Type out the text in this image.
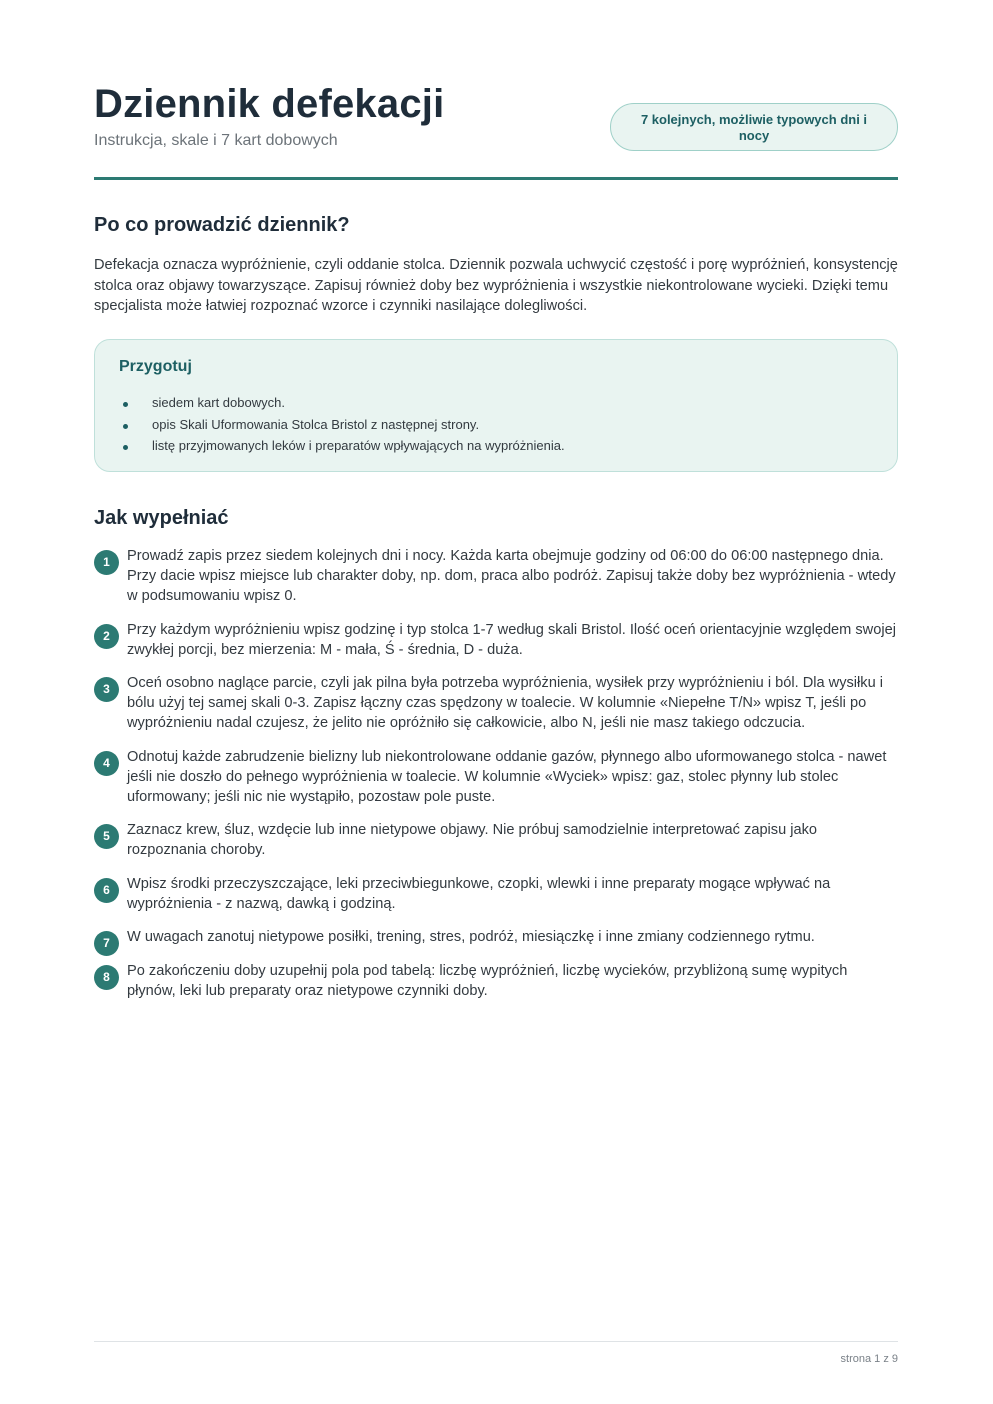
Dziennik defekacji
Instrukcja, skale i 7 kart dobowych
7 kolejnych, możliwie typowych dni i nocy
Po co prowadzić dziennik?

Defekacja oznacza wypróżnienie, czyli oddanie stolca. Dziennik pozwala uchwycić częstość i porę wypróżnień, konsystencję stolca oraz objawy towarzyszące. Zapisuj również doby bez wypróżnienia i wszystkie niekontrolowane wycieki. Dzięki temu specjalista może łatwiej rozpoznać wzorce i czynniki nasilające dolegliwości.

Przygotuj
siedem kart dobowych.
opis Skali Uformowania Stolca Bristol z następnej strony.
listę przyjmowanych leków i preparatów wpływających na wypróżnienia.
Jak wypełniać
1	Prowadź zapis przez siedem kolejnych dni i nocy. Każda karta obejmuje godziny od 06:00 do 06:00 następnego dnia. Przy dacie wpisz miejsce lub charakter doby, np. dom, praca albo podróż. Zapisuj także doby bez wypróżnienia - wtedy w podsumowaniu wpisz 0.
2	Przy każdym wypróżnieniu wpisz godzinę i typ stolca 1-7 według skali Bristol. Ilość oceń orientacyjnie względem swojej zwykłej porcji, bez mierzenia: M - mała, Ś - średnia, D - duża.
3	Oceń osobno naglące parcie, czyli jak pilna była potrzeba wypróżnienia, wysiłek przy wypróżnieniu i ból. Dla wysiłku i bólu użyj tej samej skali 0-3. Zapisz łączny czas spędzony w toalecie. W kolumnie «Niepełne T/N» wpisz T, jeśli po wypróżnieniu nadal czujesz, że jelito nie opróżniło się całkowicie, albo N, jeśli nie masz takiego odczucia.
4	Odnotuj każde zabrudzenie bielizny lub niekontrolowane oddanie gazów, płynnego albo uformowanego stolca - nawet jeśli nie doszło do pełnego wypróżnienia w toalecie. W kolumnie «Wyciek» wpisz: gaz, stolec płynny lub stolec uformowany; jeśli nic nie wystąpiło, pozostaw pole puste.
5	Zaznacz krew, śluz, wzdęcie lub inne nietypowe objawy. Nie próbuj samodzielnie interpretować zapisu jako rozpoznania choroby.
6	Wpisz środki przeczyszczające, leki przeciwbiegunkowe, czopki, wlewki i inne preparaty mogące wpływać na wypróżnienia - z nazwą, dawką i godziną.
7	W uwagach zanotuj nietypowe posiłki, trening, stres, podróż, miesiączkę i inne zmiany codziennego rytmu.
8	Po zakończeniu doby uzupełnij pola pod tabelą: liczbę wypróżnień, liczbę wycieków, przybliżoną sumę wypitych płynów, leki lub preparaty oraz nietypowe czynniki doby.
strona 1 z 9
